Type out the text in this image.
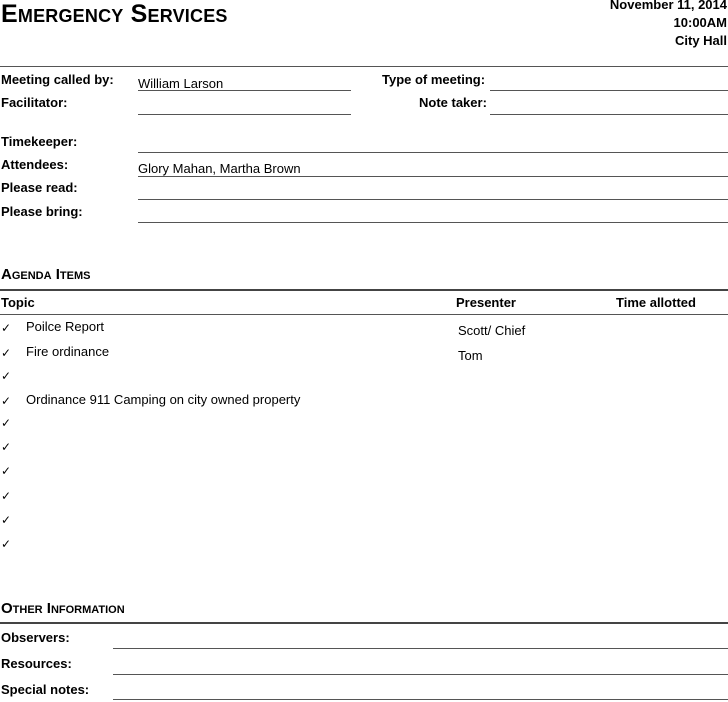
Emergency Services	November 11, 2014
10:00AM
City Hall
Meeting called by: William Larson	Type of meeting:
Facilitator:	Note taker:
Timekeeper:
Attendees:	Glory Mahan, Martha Brown
Please read:
Please bring:
Agenda Items
Topic	Presenter	Time allotted
✓ Poilce Report	Scott/ Chief
✓ Fire ordinance	Tom
✓
✓ Ordinance 911 Camping on city owned property
✓
✓
✓
✓
✓
✓
Other Information
Observers:
Resources:
Special notes:
